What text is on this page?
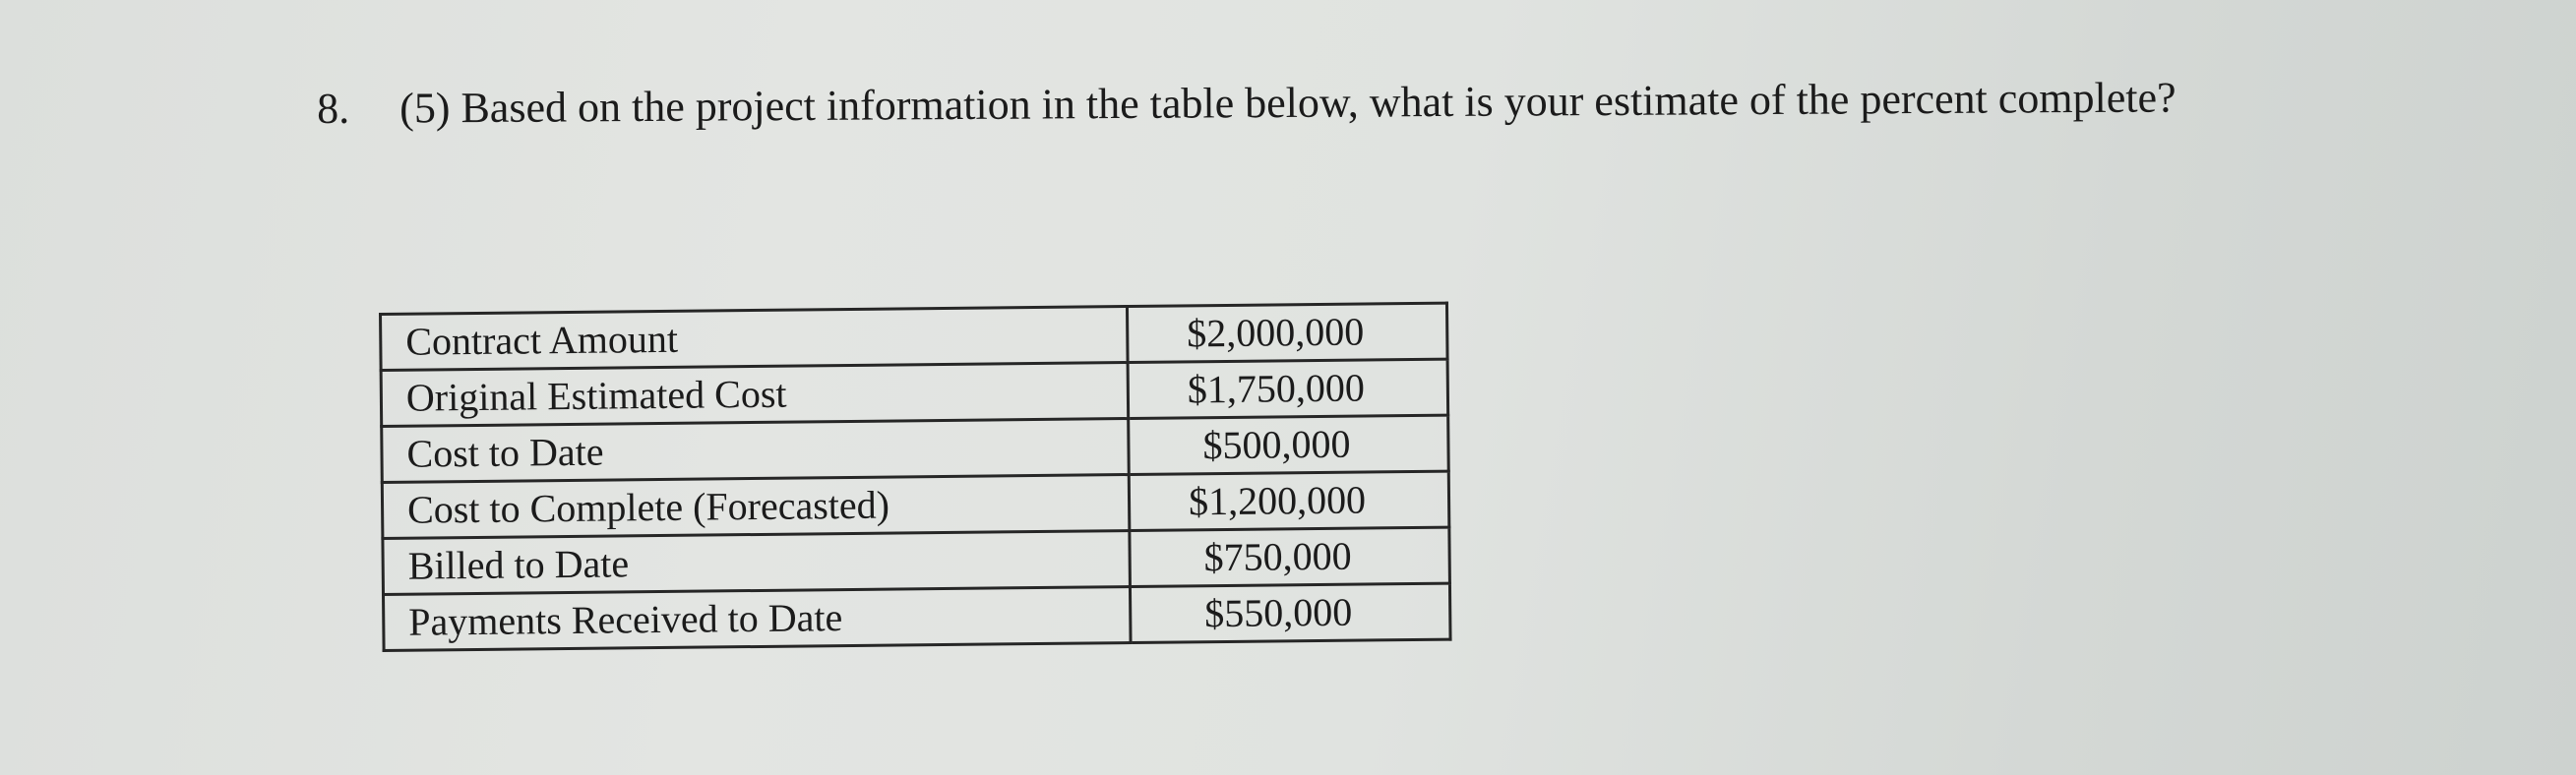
8. (5) Based on the project information in the table below, what is your estimate of the percent complete?
Contract Amount	$2,000,000
Original Estimated Cost	$1,750,000
Cost to Date	$500,000
Cost to Complete (Forecasted)	$1,200,000
Billed to Date	$750,000
Payments Received to Date	$550,000
